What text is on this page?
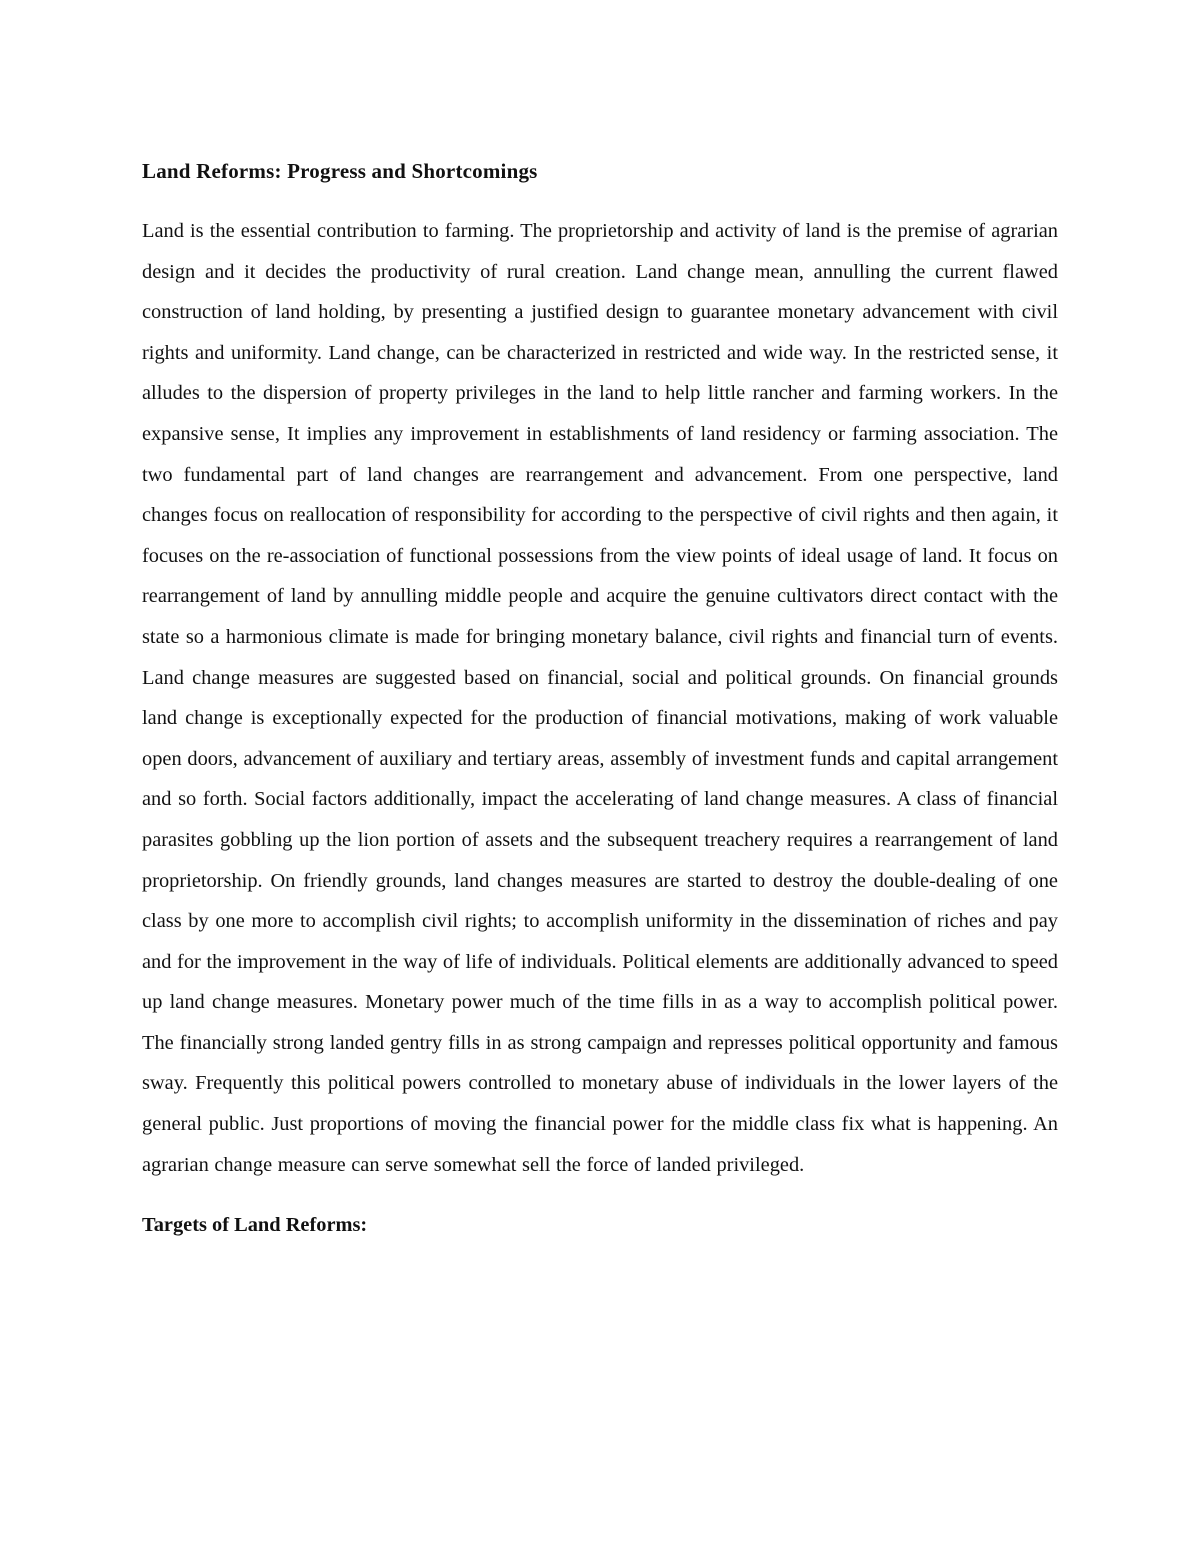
Land Reforms: Progress and Shortcomings

Land is the essential contribution to farming. The proprietorship and activity of land is the premise of agrarian design and it decides the productivity of rural creation. Land change mean, annulling the current flawed construction of land holding, by presenting a justified design to guarantee monetary advancement with civil rights and uniformity. Land change, can be characterized in restricted and wide way. In the restricted sense, it alludes to the dispersion of property privileges in the land to help little rancher and farming workers. In the expansive sense, It implies any improvement in establishments of land residency or farming association. The two fundamental part of land changes are rearrangement and advancement. From one perspective, land changes focus on reallocation of responsibility for according to the perspective of civil rights and then again, it focuses on the re-association of functional possessions from the view points of ideal usage of land. It focus on rearrangement of land by annulling middle people and acquire the genuine cultivators direct contact with the state so a harmonious climate is made for bringing monetary balance, civil rights and financial turn of events. Land change measures are suggested based on financial, social and political grounds. On financial grounds land change is exceptionally expected for the production of financial motivations, making of work valuable open doors, advancement of auxiliary and tertiary areas, assembly of investment funds and capital arrangement and so forth. Social factors additionally, impact the accelerating of land change measures. A class of financial parasites gobbling up the lion portion of assets and the subsequent treachery requires a rearrangement of land proprietorship. On friendly grounds, land changes measures are started to destroy the double-dealing of one class by one more to accomplish civil rights; to accomplish uniformity in the dissemination of riches and pay and for the improvement in the way of life of individuals. Political elements are additionally advanced to speed up land change measures. Monetary power much of the time fills in as a way to accomplish political power. The financially strong landed gentry fills in as strong campaign and represses political opportunity and famous sway. Frequently this political powers controlled to monetary abuse of individuals in the lower layers of the general public. Just proportions of moving the financial power for the middle class fix what is happening. An agrarian change measure can serve somewhat sell the force of landed privileged.

Targets of Land Reforms:
